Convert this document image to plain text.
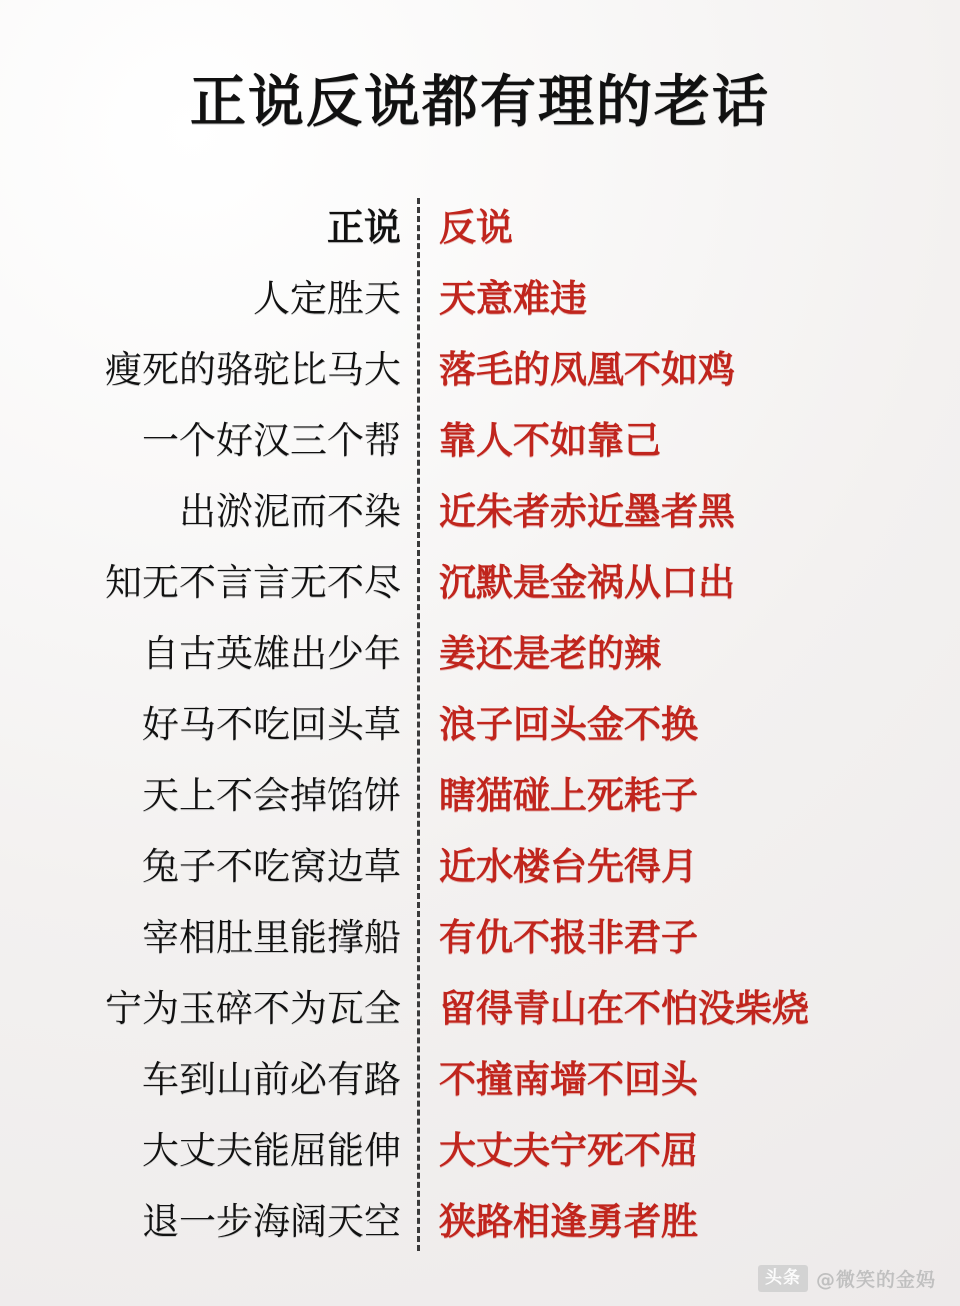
正说反说都有理的老话
正说	反说
人定胜天	天意难违
瘦死的骆驼比马大	落毛的凤凰不如鸡
一个好汉三个帮	靠人不如靠己
出淤泥而不染	近朱者赤近墨者黑
知无不言言无不尽	沉默是金祸从口出
自古英雄出少年	姜还是老的辣
好马不吃回头草	浪子回头金不换
天上不会掉馅饼	瞎猫碰上死耗子
兔子不吃窝边草	近水楼台先得月
宰相肚里能撑船	有仇不报非君子
宁为玉碎不为瓦全	留得青山在不怕没柴烧
车到山前必有路	不撞南墙不回头
大丈夫能屈能伸	大丈夫宁死不屈
退一步海阔天空	狭路相逢勇者胜
头条 @微笑的金妈
